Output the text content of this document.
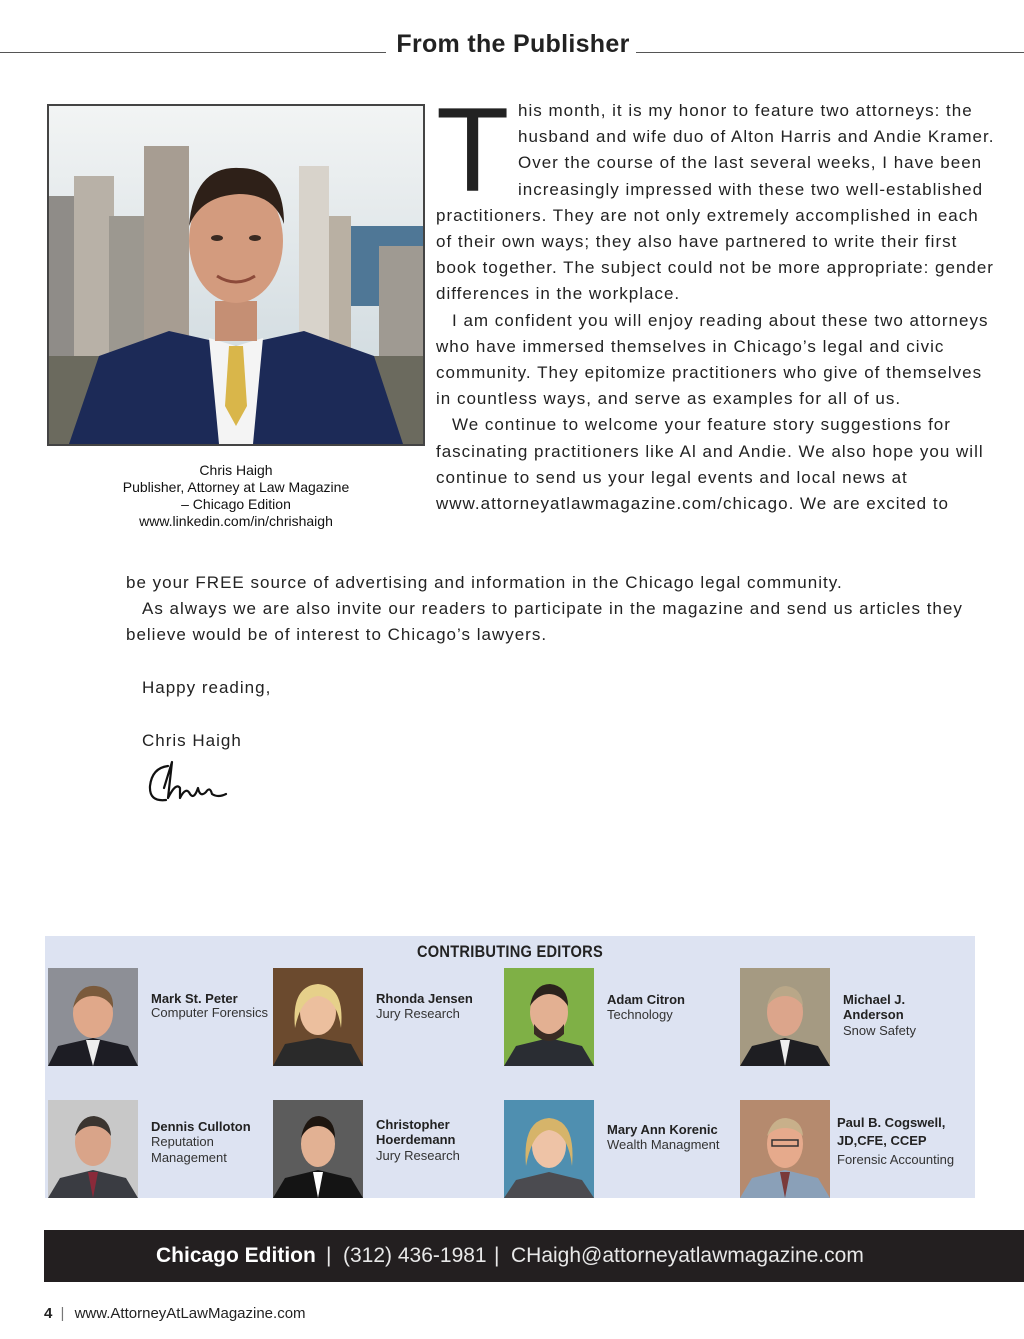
From the Publisher
Chris Haigh
Publisher, Attorney at Law Magazine
– Chicago Edition
www.linkedin.com/in/chrishaigh

This month, it is my honor to feature two attorneys: the husband and wife duo of Alton Harris and Andie Kramer. Over the course of the last several weeks, I have been increasingly impressed with these two well-established practitioners. They are not only extremely accomplished in each of their own ways; they also have partnered to write their first book together. The subject could not be more appropriate: gender differences in the workplace.

I am confident you will enjoy reading about these two attorneys who have immersed themselves in Chicago’s legal and civic community. They epitomize practitioners who give of themselves in countless ways, and serve as examples for all of us.

We continue to welcome your feature story suggestions for fascinating practitioners like Al and Andie. We also hope you will continue to send us your legal events and local news at www.attorneyatlawmagazine.com/chicago. We are excited to

be your FREE source of advertising and information in the Chicago legal community.

As always we are also invite our readers to participate in the magazine and send us articles they believe would be of interest to Chicago’s lawyers.

Happy reading,
Chris Haigh
CONTRIBUTING EDITORS
Mark St. Peter
Computer Forensics
Rhonda Jensen
Jury Research
Adam Citron
Technology
Michael J.
Anderson
Snow Safety
Dennis Culloton
Reputation
Management
Christopher
Hoerdemann
Jury Research
Mary Ann Korenic
Wealth Managment
Paul B. Cogswell,
JD,CFE, CCEP
Forensic Accounting
Chicago Edition | (312) 436-1981 | CHaigh@attorneyatlawmagazine.com
4 | www.AttorneyAtLawMagazine.com
